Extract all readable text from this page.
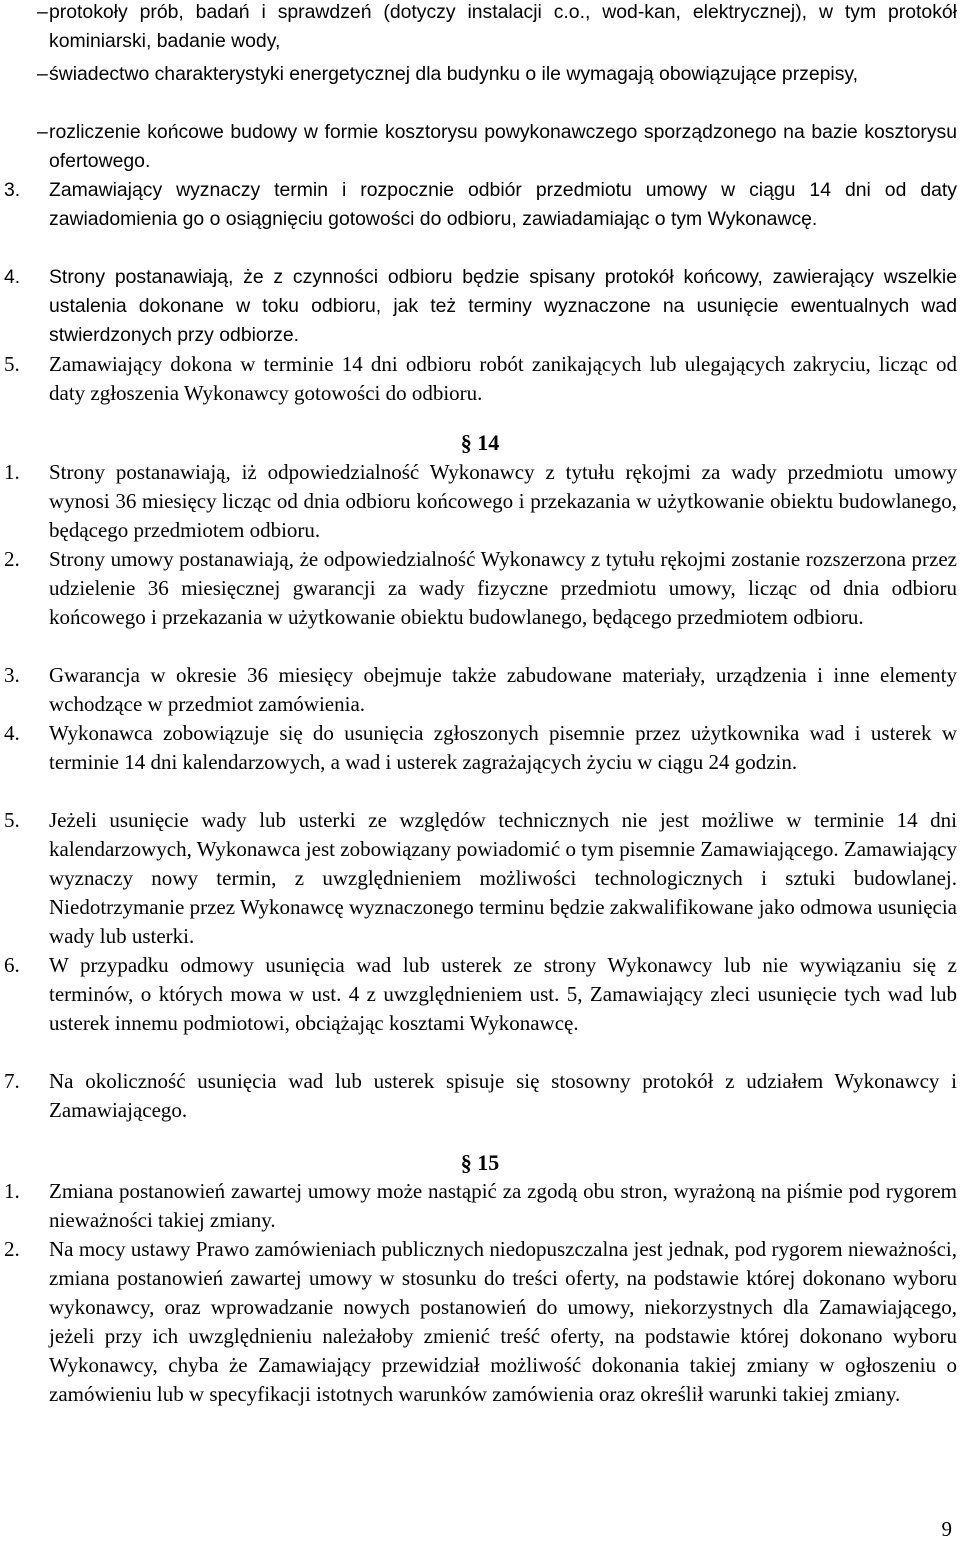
– protokoły prób, badań i sprawdzeń (dotyczy instalacji c.o., wod-kan, elektrycznej), w tym protokół kominiarski, badanie wody,
– świadectwo charakterystyki energetycznej dla budynku o ile wymagają obowiązujące przepisy,
– rozliczenie końcowe budowy w formie kosztorysu powykonawczego sporządzonego na bazie kosztorysu ofertowego.
3.	Zamawiający wyznaczy termin i rozpocznie odbiór przedmiotu umowy w ciągu 14 dni od daty zawiadomienia go o osiągnięciu gotowości do odbioru, zawiadamiając o tym Wykonawcę.
4.	Strony postanawiają, że z czynności odbioru będzie spisany protokół końcowy, zawierający wszelkie ustalenia dokonane w toku odbioru, jak też terminy wyznaczone na usunięcie ewentualnych wad stwierdzonych przy odbiorze.
5.	Zamawiający dokona w terminie 14 dni odbioru robót zanikających lub ulegających zakryciu, licząc od daty zgłoszenia Wykonawcy gotowości do odbioru.
§ 14
1.	Strony postanawiają, iż odpowiedzialność Wykonawcy z tytułu rękojmi za wady przedmiotu umowy wynosi 36 miesięcy licząc od dnia odbioru końcowego i przekazania w użytkowanie obiektu budowlanego, będącego przedmiotem odbioru.
2.	Strony umowy postanawiają, że odpowiedzialność Wykonawcy z tytułu rękojmi zostanie rozszerzona przez udzielenie 36 miesięcznej gwarancji za wady fizyczne przedmiotu umowy, licząc od dnia odbioru końcowego i przekazania w użytkowanie obiektu budowlanego, będącego przedmiotem odbioru.
3.	Gwarancja w okresie 36 miesięcy obejmuje także zabudowane materiały, urządzenia i inne elementy wchodzące w przedmiot zamówienia.
4.	Wykonawca zobowiązuje się do usunięcia zgłoszonych pisemnie przez użytkownika wad i usterek w terminie 14 dni kalendarzowych, a wad i usterek zagrażających życiu w ciągu 24 godzin.
5.	Jeżeli usunięcie wady lub usterki ze względów technicznych nie jest możliwe w terminie 14 dni kalendarzowych, Wykonawca jest zobowiązany powiadomić o tym pisemnie Zamawiającego. Zamawiający wyznaczy nowy termin, z uwzględnieniem możliwości technologicznych i sztuki budowlanej. Niedotrzymanie przez Wykonawcę wyznaczonego terminu będzie zakwalifikowane jako odmowa usunięcia wady lub usterki.
6.	W przypadku odmowy usunięcia wad lub usterek ze strony Wykonawcy lub nie wywiązaniu się z terminów, o których mowa w ust. 4 z uwzględnieniem ust. 5, Zamawiający zleci usunięcie tych wad lub usterek innemu podmiotowi, obciążając kosztami Wykonawcę.
7.	Na okoliczność usunięcia wad lub usterek spisuje się stosowny protokół z udziałem Wykonawcy i Zamawiającego.
§ 15
1.	Zmiana postanowień zawartej umowy może nastąpić za zgodą obu stron, wyrażoną na piśmie pod rygorem nieważności takiej zmiany.
2.	Na mocy ustawy Prawo zamówieniach publicznych niedopuszczalna jest jednak, pod rygorem nieważności, zmiana postanowień zawartej umowy w stosunku do treści oferty, na podstawie której dokonano wyboru wykonawcy, oraz wprowadzanie nowych postanowień do umowy, niekorzystnych dla Zamawiającego, jeżeli przy ich uwzględnieniu należałoby zmienić treść oferty, na podstawie której dokonano wyboru Wykonawcy, chyba że Zamawiający przewidział możliwość dokonania takiej zmiany w ogłoszeniu o zamówieniu lub w specyfikacji istotnych warunków zamówienia oraz określił warunki takiej zmiany.
9
